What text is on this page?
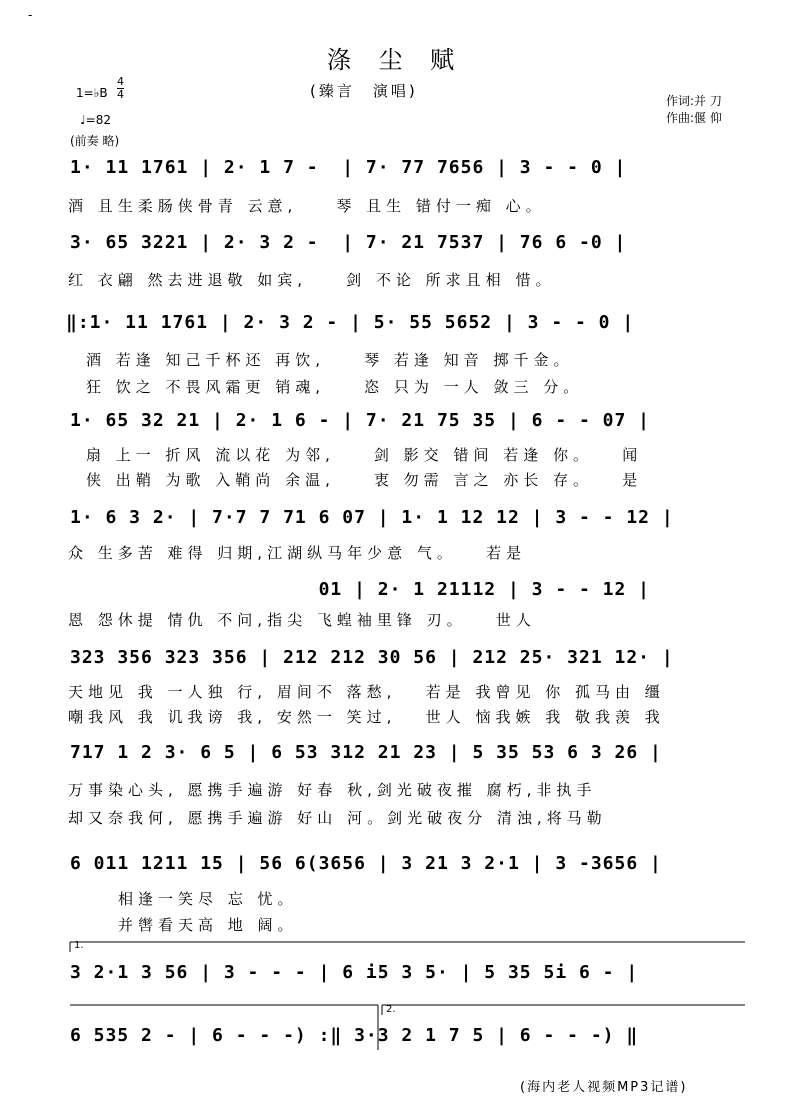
-
涤 尘 赋
(臻言　演唱)
作词:并 刀
作曲:偃 仰
1=♭B
4
4
♩=82
(前奏 略)
1· 11 1761 | 2· 1 7 -  | 7· 77 7656 | 3 - - 0 |
酒 且生柔肠侠骨青 云意,    琴 且生 错付一痴 心。
3· 65 3221 | 2· 3 2 -  | 7· 21 7537 | 76 6 -0 |
红 衣翩 然去进退敬 如宾,    剑 不论 所求且相 惜。
‖:1· 11 1761 | 2· 3 2 - | 5· 55 5652 | 3 - - 0 |
酒 若逢 知己千杯还 再饮,    琴 若逢 知音 掷千金。
狂 饮之 不畏风霜更 销魂,    恣 只为 一人 敛三 分。
1· 65 32 21 | 2· 1 6 - | 7· 21 75 35 | 6 - - 07 |
扇 上一 折风 流以花 为邻,    剑 影交 错间 若逢 你。   闻
侠 出鞘 为歌 入鞘尚 余温,    衷 勿需 言之 亦长 存。   是
1· 6 3 2· | 7·7 7 71 6 07 | 1· 1 12 12 | 3 - - 12 |
众 生多苦 难得 归期,江湖纵马年少意 气。   若是
01 | 2· 1 21112 | 3 - - 12 |
恩 怨休提 情仇 不问,指尖 飞蝗袖里锋 刃。   世人
323 356 323 356 | 212 212 30 56 | 212 25· 321 12· |
天地见 我 一人独 行, 眉间不 落愁,   若是 我曾见 你 孤马由 缰
嘲我风 我 讥我谤 我, 安然一 笑过,   世人 恼我嫉 我 敬我羡 我
717 1 2 3· 6 5 | 6 53 312 21 23 | 5 35 53 6 3 26 |
万事染心头, 愿携手遍游 好春 秋,剑光破夜摧 腐朽,非执手
却又奈我何, 愿携手遍游 好山 河。剑光破夜分 清浊,将马勒
6 011 1211 15 | 56 6(3656 | 3 21 3 2·1 | 3 -3656 |
相逢一笑尽 忘 忧。
并辔看天高 地 阔。
1.
3 2·1 3 56 | 3 - - - | 6 i5 3 5· | 5 35 5i 6 - |
2.
6 535 2 - | 6 - - -) :‖ 3·3 2 1 7 5 | 6 - - -) ‖
(海内老人视频MP3记谱)
